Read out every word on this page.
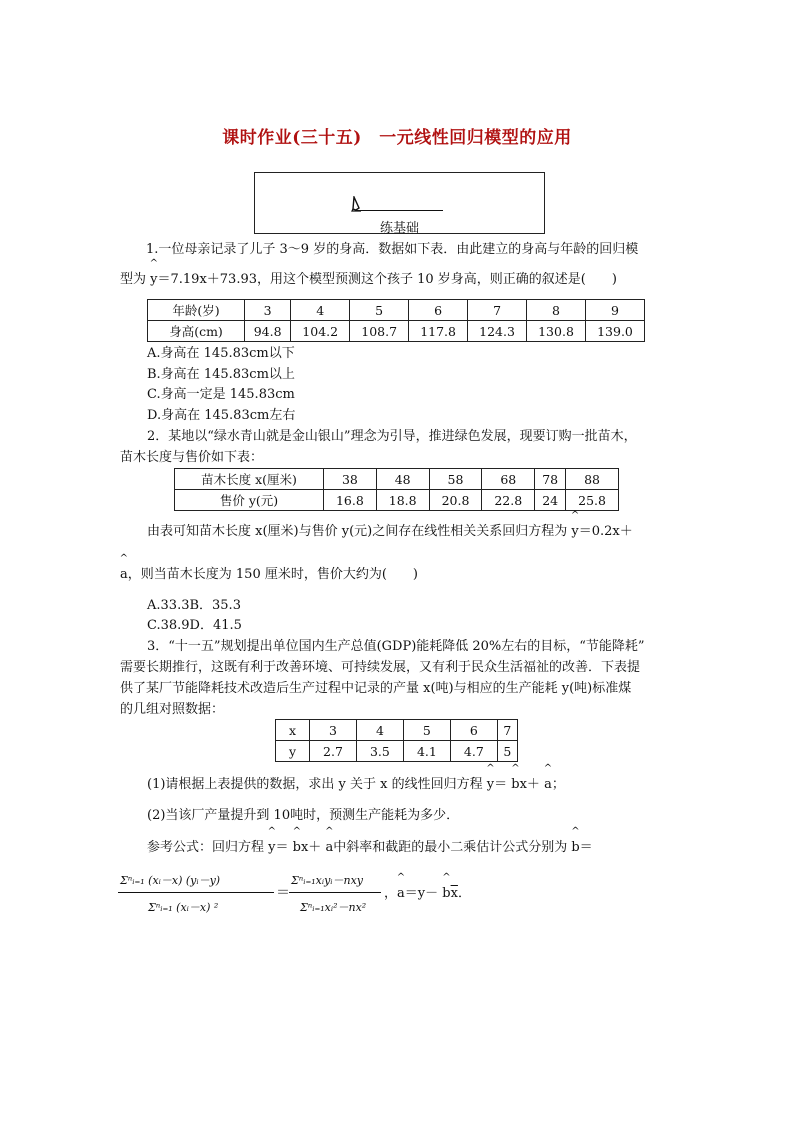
课时作业(三十五)　一元线性回归模型的应用
练基础
1.一位母亲记录了儿子 3～9 岁的身高．数据如下表．由此建立的身高与年龄的回归模
型为 ^ y＝7.19x＋73.93，用这个模型预测这个孩子 10 岁身高，则正确的叙述是(　　)
年龄(岁)	3	4	5	6	7	8	9
身高(cm)	94.8	104.2	108.7	117.8	124.3	130.8	139.0
A.身高在 145.83cm以下
B.身高在 145.83cm以上
C.身高一定是 145.83cm
D.身高在 145.83cm左右
2．某地以“绿水青山就是金山银山”理念为引导，推进绿色发展，现要订购一批苗木，
苗木长度与售价如下表：
苗木长度 x(厘米)	38	48	58	68	78	88
售价 y(元)	16.8	18.8	20.8	22.8	24	25.8
由表可知苗木长度 x(厘米)与售价 y(元)之间存在线性相关关系回归方程为 ^ y＝0.2x＋
^ a，则当苗木长度为 150 厘米时，售价大约为(　　)
A.33.3B．35.3
C.38.9D．41.5
3．“十一五”规划提出单位国内生产总值(GDP)能耗降低 20%左右的目标，“节能降耗”
需要长期推行，这既有利于改善环境、可持续发展，又有利于民众生活福祉的改善．下表提
供了某厂节能降耗技术改造后生产过程中记录的产量 x(吨)与相应的生产能耗 y(吨)标准煤
的几组对照数据：
x	3	4	5	6	7
y	2.7	3.5	4.1	4.7	5
(1)请根据上表提供的数据，求出 y 关于 x 的线性回归方程 ^ y＝ ^ bx＋ ^ a；
(2)当该厂产量提升到 10吨时，预测生产能耗为多少．
参考公式：回归方程 ^ y＝ ^ bx＋ ^ a中斜率和截距的最小二乘估计公式分别为 ^ b＝
Σⁿᵢ₌₁ (xᵢ－x) (yᵢ－y)
Σⁿᵢ₌₁ (xᵢ－x) ²
＝
Σⁿᵢ₌₁xᵢyᵢ－nxy
Σⁿᵢ₌₁xᵢ²－nx²
，^ a＝y－ ^ $b\overline{x}$．
